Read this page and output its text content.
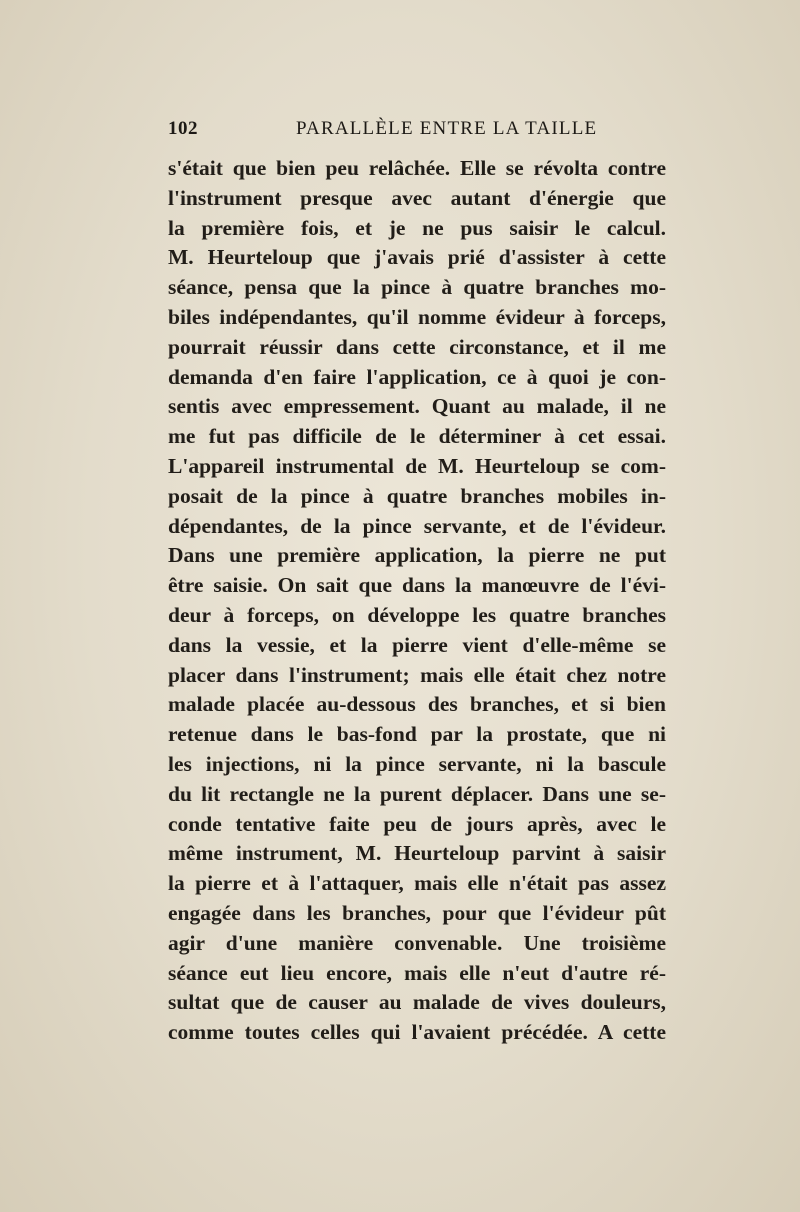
102	PARALLÈLE ENTRE LA TAILLE
s'était que bien peu relâchée. Elle se révolta contre
l'instrument presque avec autant d'énergie que
la première fois, et je ne pus saisir le calcul.
M. Heurteloup que j'avais prié d'assister à cette
séance, pensa que la pince à quatre branches mo-
biles indépendantes, qu'il nomme évideur à forceps,
pourrait réussir dans cette circonstance, et il me
demanda d'en faire l'application, ce à quoi je con-
sentis avec empressement. Quant au malade, il ne
me fut pas difficile de le déterminer à cet essai.
L'appareil instrumental de M. Heurteloup se com-
posait de la pince à quatre branches mobiles in-
dépendantes, de la pince servante, et de l'évideur.
Dans une première application, la pierre ne put
être saisie. On sait que dans la manœuvre de l'évi-
deur à forceps, on développe les quatre branches
dans la vessie, et la pierre vient d'elle-même se
placer dans l'instrument; mais elle était chez notre
malade placée au-dessous des branches, et si bien
retenue dans le bas-fond par la prostate, que ni
les injections, ni la pince servante, ni la bascule
du lit rectangle ne la purent déplacer. Dans une se-
conde tentative faite peu de jours après, avec le
même instrument, M. Heurteloup parvint à saisir
la pierre et à l'attaquer, mais elle n'était pas assez
engagée dans les branches, pour que l'évideur pût
agir d'une manière convenable. Une troisième
séance eut lieu encore, mais elle n'eut d'autre ré-
sultat que de causer au malade de vives douleurs,
comme toutes celles qui l'avaient précédée. A cette
